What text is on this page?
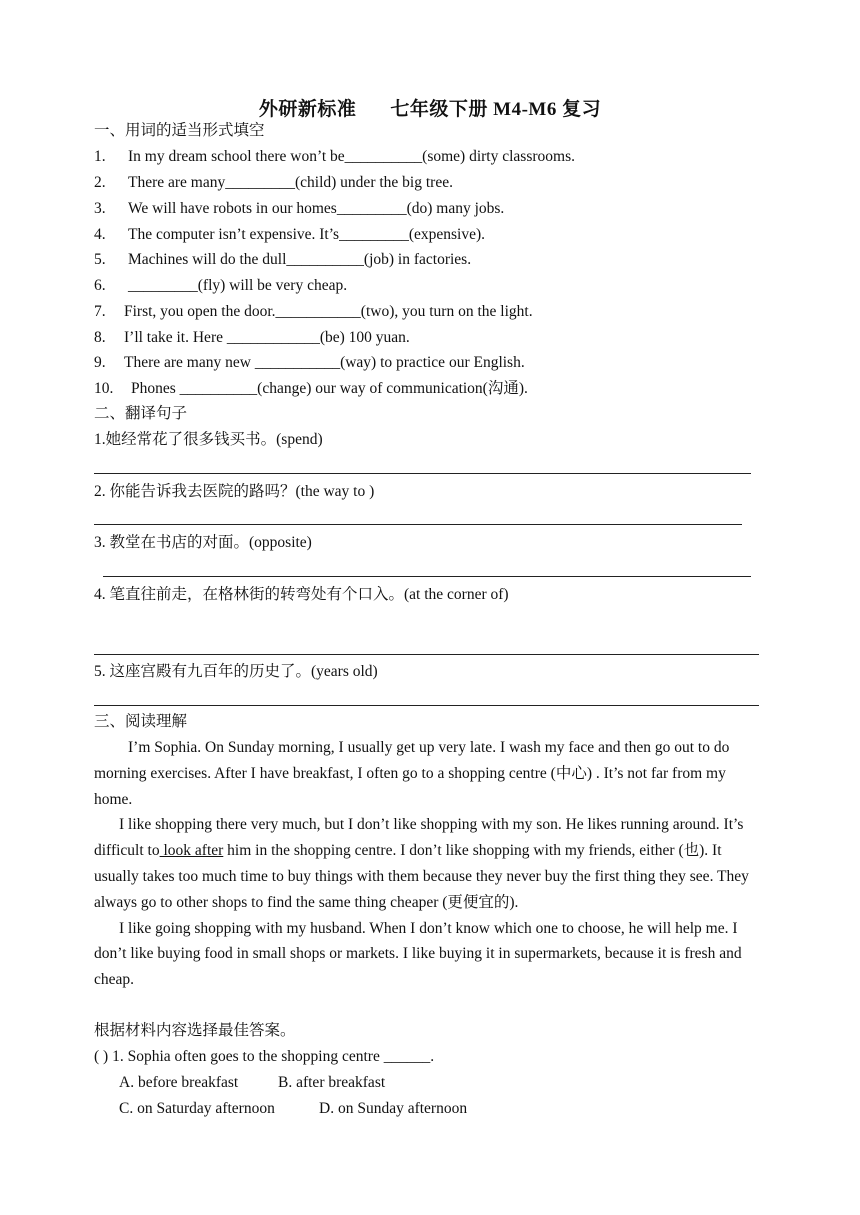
外研新标准 七年级下册 M4-M6 复习
一、用词的适当形式填空
1. In my dream school there won’t be__________(some) dirty classrooms.
2. There are many_________(child) under the big tree.
3. We will have robots in our homes_________(do) many jobs.
4. The computer isn’t expensive. It’s_________(expensive).
5. Machines will do the dull__________(job) in factories.
6. _________(fly) will be very cheap.
7. First, you open the door.___________(two), you turn on the light.
8. I’ll take it. Here ____________(be) 100 yuan.
9. There are many new ___________(way) to practice our English.
10. Phones __________(change) our way of communication(沟通).
二、翻译句子
1.她经常花了很多钱买书。(spend)
2. 你能告诉我去医院的路吗？(the way to )
3. 教堂在书店的对面。(opposite)
4. 笔直往前走，在格林街的转弯处有个口入。(at the corner of)
5. 这座宫殿有九百年的历史了。(years old)
三、阅读理解

I’m Sophia. On Sunday morning, I usually get up very late. I wash my face and then go out to do morning exercises. After I have breakfast, I often go to a shopping centre (中心) . It’s not far from my home.

I like shopping there very much, but I don’t like shopping with my son. He likes running around. It’s difficult to look after him in the shopping centre. I don’t like shopping with my friends, either (也). It usually takes too much time to buy things with them because they never buy the first thing they see. They always go to other shops to find the same thing cheaper (更便宜的).

I like going shopping with my husband. When I don’t know which one to choose, he will help me. I don’t like buying food in small shops or markets. I like buying it in supermarkets, because it is fresh and cheap.

根据材料内容选择最佳答案。
( ) 1. Sophia often goes to the shopping centre ______.
A. before breakfast	B. after breakfast
C. on Saturday afternoon	D. on Sunday afternoon
